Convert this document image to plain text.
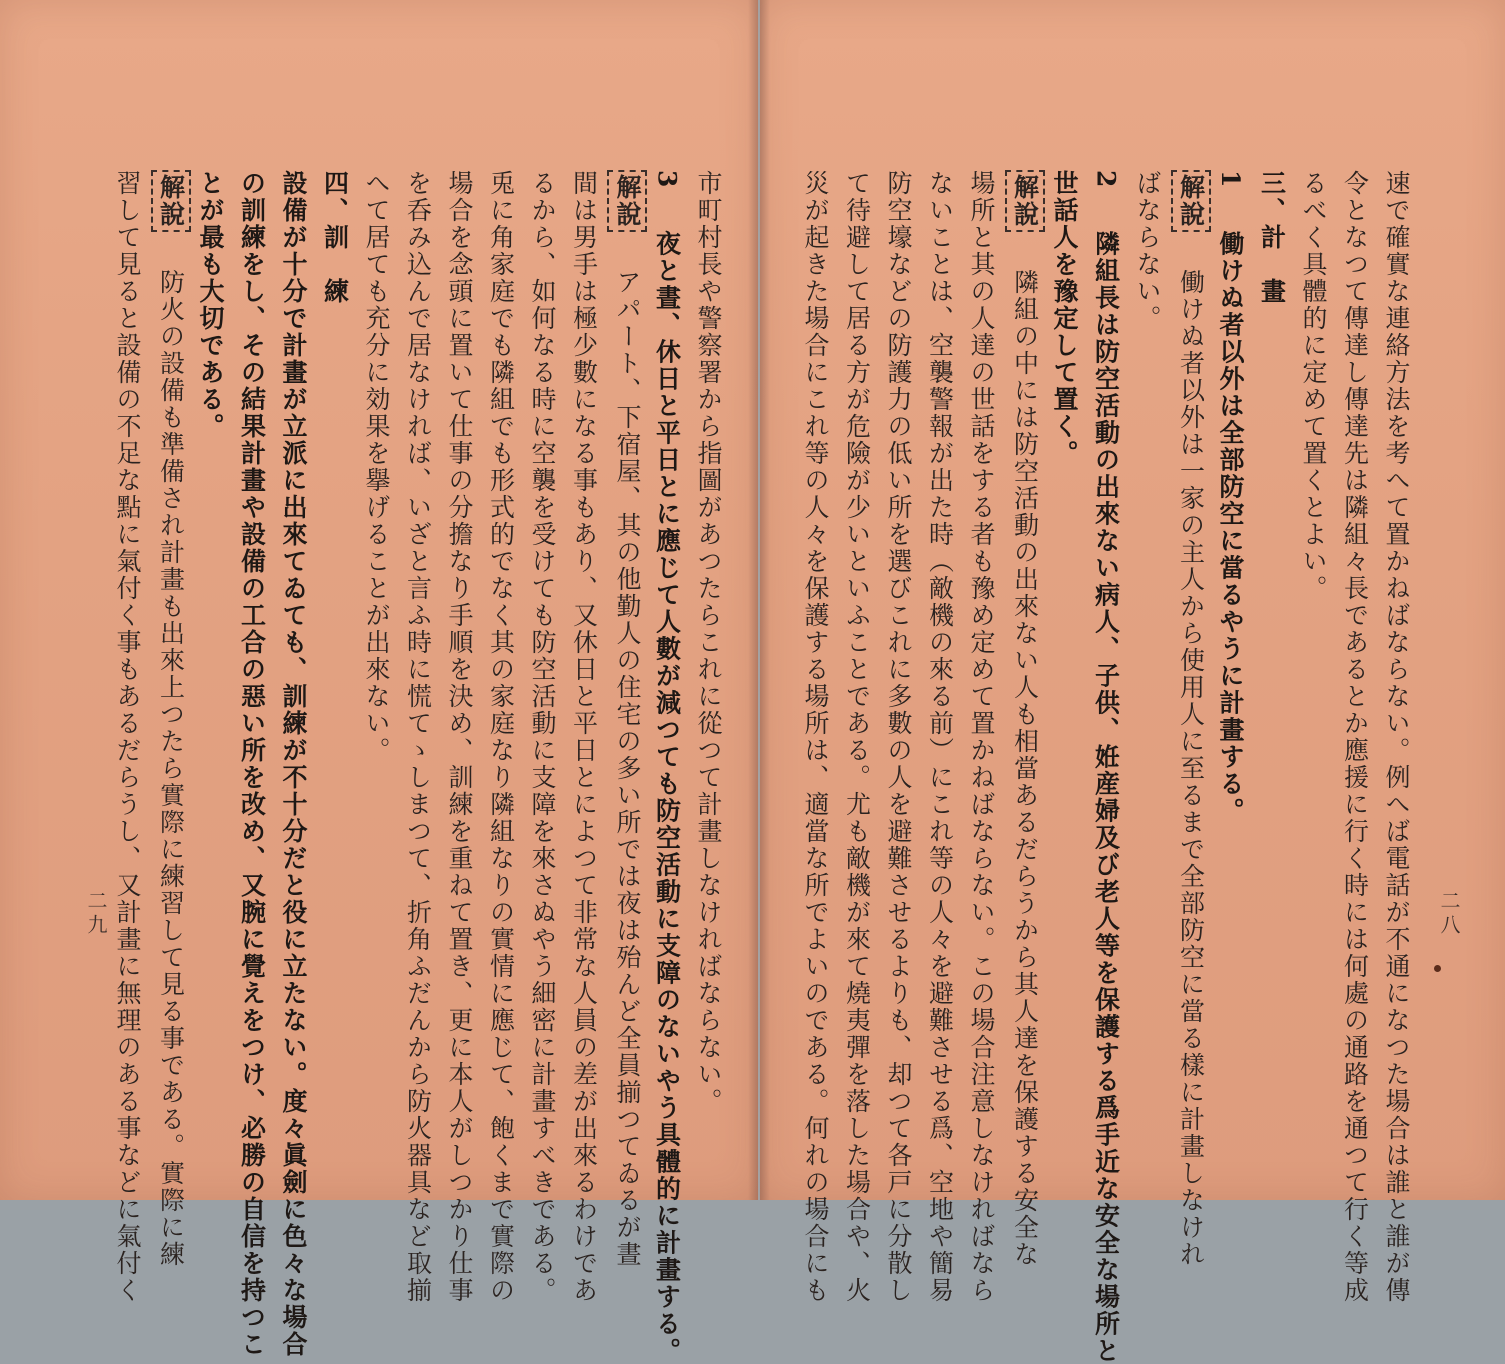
速で確實な連絡方法を考へて置かねばならない。例へば電話が不通になつた場合は誰と誰が傳
令となつて傳達し傳達先は隣組々長であるとか應援に行く時には何處の通路を通つて行く等成
るべく具體的に定めて置くとよい。
三、計　畫
1　働けぬ者以外は全部防空に當るやうに計畫する。
解說　働けぬ者以外は一家の主人から使用人に至るまで全部防空に當る樣に計畫しなけれ
ばならない。
2　隣組長は防空活動の出來ない病人、子供、姙産婦及び老人等を保護する爲手近な安全な場所と
世話人を豫定して置く。
解說　隣組の中には防空活動の出來ない人も相當あるだらうから其人達を保護する安全な
場所と其の人達の世話をする者も豫め定めて置かねばならない。この場合注意しなければなら
ないことは、空襲警報が出た時（敵機の來る前）にこれ等の人々を避難させる爲、空地や簡易
防空壕などの防護力の低い所を選びこれに多數の人を避難させるよりも、却つて各戸に分散し
て待避して居る方が危險が少いといふことである。尤も敵機が來て燒夷彈を落した場合や、火
災が起きた場合にこれ等の人々を保護する場所は、適當な所でよいのである。何れの場合にも
市町村長や警察署から指圖があつたらこれに從つて計畫しなければならない。
3　夜と晝、休日と平日とに應じて人數が減つても防空活動に支障のないやう具體的に計畫する。
解說　アパート、下宿屋、其の他勤人の住宅の多い所では夜は殆んど全員揃つてゐるが晝
間は男手は極少數になる事もあり、又休日と平日とによつて非常な人員の差が出來るわけであ
るから、如何なる時に空襲を受けても防空活動に支障を來さぬやう細密に計畫すべきである。
兎に角家庭でも隣組でも形式的でなく其の家庭なり隣組なりの實情に應じて、飽くまで實際の
場合を念頭に置いて仕事の分擔なり手順を決め、訓練を重ねて置き、更に本人がしつかり仕事
を呑み込んで居なければ、いざと言ふ時に慌てゝしまつて、折角ふだんから防火器具など取揃
へて居ても充分に効果を擧げることが出來ない。
四、訓　練
設備が十分で計畫が立派に出來てゐても、訓練が不十分だと役に立たない。度々眞劍に色々な場合
の訓練をし、その結果計畫や設備の工合の惡い所を改め、又腕に覺えをつけ、必勝の自信を持つこ
とが最も大切である。
解說　防火の設備も準備され計畫も出來上つたら實際に練習して見る事である。實際に練
習して見ると設備の不足な點に氣付く事もあるだらうし、又計畫に無理のある事などに氣付く	二八
二九
